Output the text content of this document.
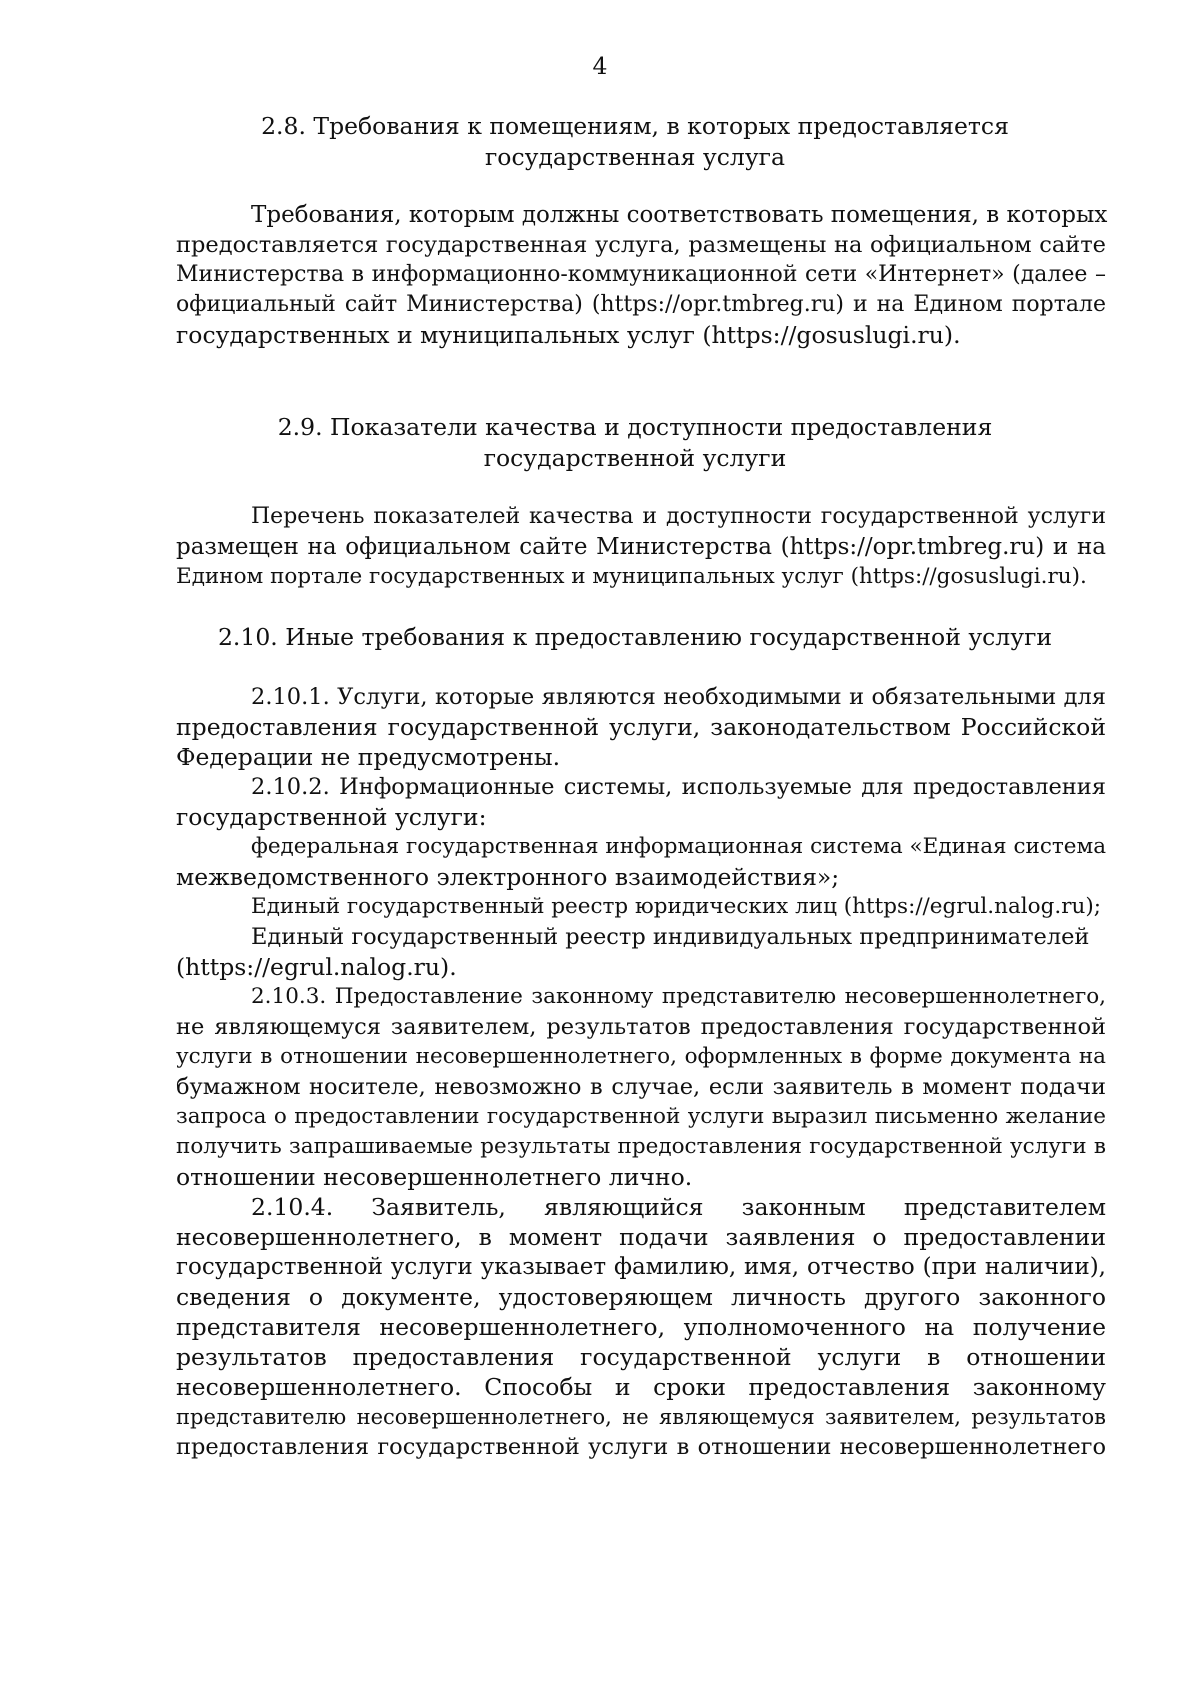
4
2.8. Требования к помещениям, в которых предоставляется
государственная услуга
Требования, которым должны соответствовать помещения, в которых
предоставляется государственная услуга, размещены на официальном сайте
Министерства в информационно-коммуникационной сети «Интернет» (далее –
официальный сайт Министерства) (https://opr.tmbreg.ru) и на Едином портале
государственных и муниципальных услуг (https://gosuslugi.ru).
2.9. Показатели качества и доступности предоставления
государственной услуги
Перечень показателей качества и доступности государственной услуги
размещен на официальном сайте Министерства (https://opr.tmbreg.ru) и на
Едином портале государственных и муниципальных услуг (https://gosuslugi.ru).
2.10. Иные требования к предоставлению государственной услуги
2.10.1. Услуги, которые являются необходимыми и обязательными для
предоставления государственной услуги, законодательством Российской
Федерации не предусмотрены.
2.10.2. Информационные системы, используемые для предоставления
государственной услуги:
федеральная государственная информационная система «Единая система
межведомственного электронного взаимодействия»;
Единый государственный реестр юридических лиц (https://egrul.nalog.ru);
Единый государственный реестр индивидуальных предпринимателей
(https://egrul.nalog.ru).
2.10.3. Предоставление законному представителю несовершеннолетнего,
не являющемуся заявителем, результатов предоставления государственной
услуги в отношении несовершеннолетнего, оформленных в форме документа на
бумажном носителе, невозможно в случае, если заявитель в момент подачи
запроса о предоставлении государственной услуги выразил письменно желание
получить запрашиваемые результаты предоставления государственной услуги в
отношении несовершеннолетнего лично.
2.10.4. Заявитель, являющийся законным представителем
несовершеннолетнего, в момент подачи заявления о предоставлении
государственной услуги указывает фамилию, имя, отчество (при наличии),
сведения о документе, удостоверяющем личность другого законного
представителя несовершеннолетнего, уполномоченного на получение
результатов предоставления государственной услуги в отношении
несовершеннолетнего. Способы и сроки предоставления законному
представителю несовершеннолетнего, не являющемуся заявителем, результатов
предоставления государственной услуги в отношении несовершеннолетнего
